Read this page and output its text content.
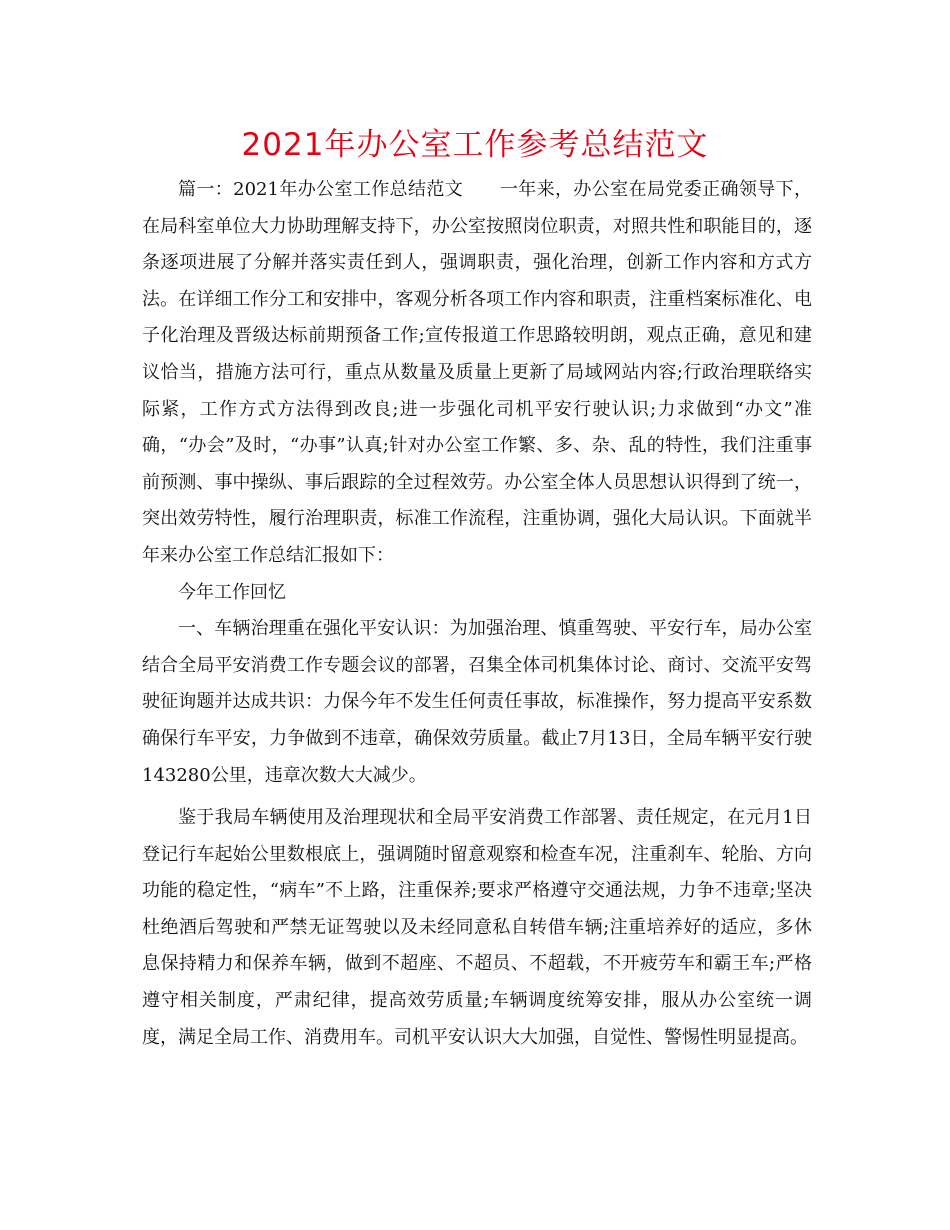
2021年办公室工作参考总结范文

篇一：2021年办公室工作总结范文　　一年来，办公室在局党委正确领导下，在局科室单位大力协助理解支持下，办公室按照岗位职责，对照共性和职能目的，逐条逐项进展了分解并落实责任到人，强调职责，强化治理，创新工作内容和方式方法。在详细工作分工和安排中，客观分析各项工作内容和职责，注重档案标准化、电子化治理及晋级达标前期预备工作;宣传报道工作思路较明朗，观点正确，意见和建议恰当，措施方法可行，重点从数量及质量上更新了局域网站内容;行政治理联络实际紧，工作方式方法得到改良;进一步强化司机平安行驶认识;力求做到“办文”准确，“办会”及时，“办事”认真;针对办公室工作繁、多、杂、乱的特性，我们注重事前预测、事中操纵、事后跟踪的全过程效劳。办公室全体人员思想认识得到了统一，突出效劳特性，履行治理职责，标准工作流程，注重协调，强化大局认识。下面就半年来办公室工作总结汇报如下：

今年工作回忆

一、车辆治理重在强化平安认识：为加强治理、慎重驾驶、平安行车，局办公室结合全局平安消费工作专题会议的部署，召集全体司机集体讨论、商讨、交流平安驾驶征询题并达成共识：力保今年不发生任何责任事故，标准操作，努力提高平安系数确保行车平安，力争做到不违章，确保效劳质量。截止7月13日，全局车辆平安行驶143280公里，违章次数大大减少。

鉴于我局车辆使用及治理现状和全局平安消费工作部署、责任规定，在元月1日登记行车起始公里数根底上，强调随时留意观察和检查车况，注重刹车、轮胎、方向功能的稳定性，“病车”不上路，注重保养;要求严格遵守交通法规，力争不违章;坚决杜绝酒后驾驶和严禁无证驾驶以及未经同意私自转借车辆;注重培养好的适应，多休息保持精力和保养车辆，做到不超座、不超员、不超载，不开疲劳车和霸王车;严格遵守相关制度，严肃纪律，提高效劳质量;车辆调度统筹安排，服从办公室统一调度，满足全局工作、消费用车。司机平安认识大大加强，自觉性、警惕性明显提高。
